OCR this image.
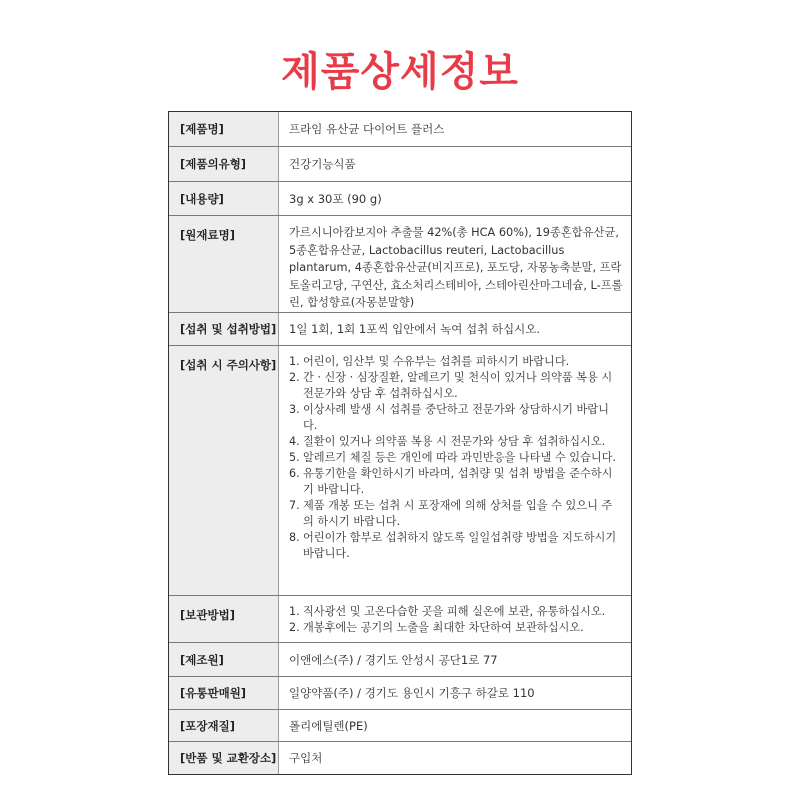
제품상세정보
[제품명]	프라임 유산균 다이어트 플러스
[제품의유형]	건강기능식품
[내용량]	3g x 30포 (90 g)
[원재료명]	가르시니아캄보지아 추출물 42%(총 HCA 60%), 19종혼합유산균, 5종혼합유산균, Lactobacillus reuteri, Lactobacillus plantarum, 4종혼합유산균(비지프로), 포도당, 자몽농축분말, 프락토올리고당, 구연산, 효소처리스테비아, 스테아린산마그네슘, L-프롤린, 합성향료(자몽분말향)
[섭취 및 섭취방법]	1일 1회, 1회 1포씩 입안에서 녹여 섭취 하십시오.
[섭취 시 주의사항] 1. 어린이, 임산부 및 수유부는 섭취를 피하시기 바랍니다.
2. 간 · 신장 · 심장질환, 알레르기 및 천식이 있거나 의약품 복용 시 전문가와 상담 후 섭취하십시오.
3. 이상사례 발생 시 섭취를 중단하고 전문가와 상담하시기 바랍니다.
4. 질환이 있거나 의약품 복용 시 전문가와 상담 후 섭취하십시오.
5. 알레르기 체질 등은 개인에 따라 과민반응을 나타낼 수 있습니다.
6. 유통기한을 확인하시기 바라며, 섭취량 및 섭취 방법을 준수하시기 바랍니다.
7. 제품 개봉 또는 섭취 시 포장재에 의해 상처를 입을 수 있으니 주의 하시기 바랍니다.
8. 어린이가 함부로 섭취하지 않도록 일일섭취량 방법을 지도하시기 바랍니다.
[보관방법]	1. 직사광선 및 고온다습한 곳을 피해 실온에 보관, 유통하십시오.
2. 개봉후에는 공기의 노출을 최대한 차단하여 보관하십시오.
[제조원]	이앤에스(주) / 경기도 안성시 공단1로 77
[유통판매원]	일양약품(주) / 경기도 용인시 기흥구 하갈로 110
[포장재질]	폴리에틸렌(PE)
[반품 및 교환장소]	구입처
